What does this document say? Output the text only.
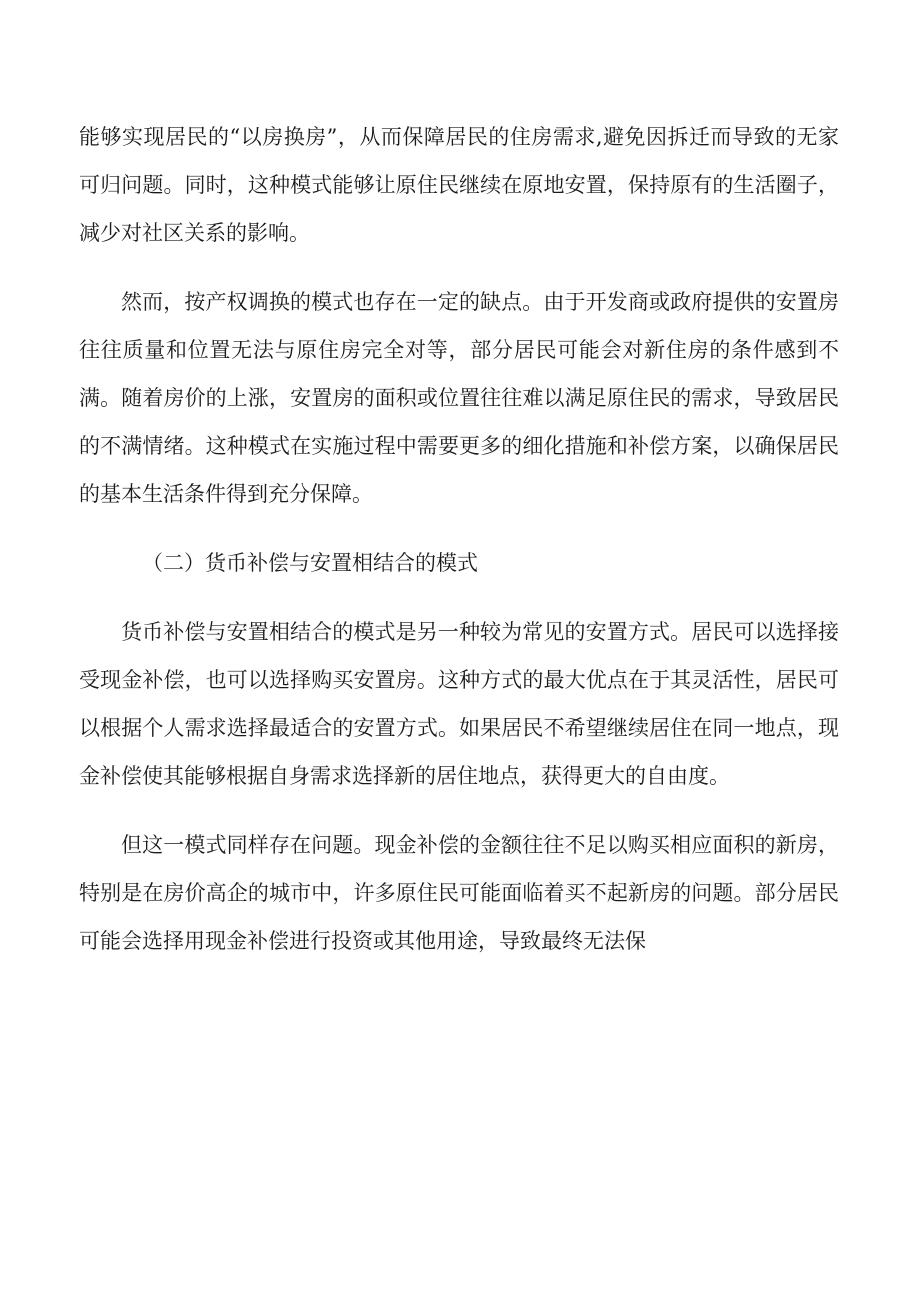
能够实现居民的“以房换房”，从而保障居民的住房需求,避免因拆迁而导致的无家可归问题。同时，这种模式能够让原住民继续在原地安置，保持原有的生活圈子，减少对社区关系的影响。

然而，按产权调换的模式也存在一定的缺点。由于开发商或政府提供的安置房往往质量和位置无法与原住房完全对等，部分居民可能会对新住房的条件感到不满。随着房价的上涨，安置房的面积或位置往往难以满足原住民的需求，导致居民的不满情绪。这种模式在实施过程中需要更多的细化措施和补偿方案，以确保居民的基本生活条件得到充分保障。

（二）货币补偿与安置相结合的模式

货币补偿与安置相结合的模式是另一种较为常见的安置方式。居民可以选择接受现金补偿，也可以选择购买安置房。这种方式的最大优点在于其灵活性，居民可以根据个人需求选择最适合的安置方式。如果居民不希望继续居住在同一地点，现金补偿使其能够根据自身需求选择新的居住地点，获得更大的自由度。

但这一模式同样存在问题。现金补偿的金额往往不足以购买相应面积的新房，特别是在房价高企的城市中，许多原住民可能面临着买不起新房的问题。部分居民可能会选择用现金补偿进行投资或其他用途，导致最终无法保
